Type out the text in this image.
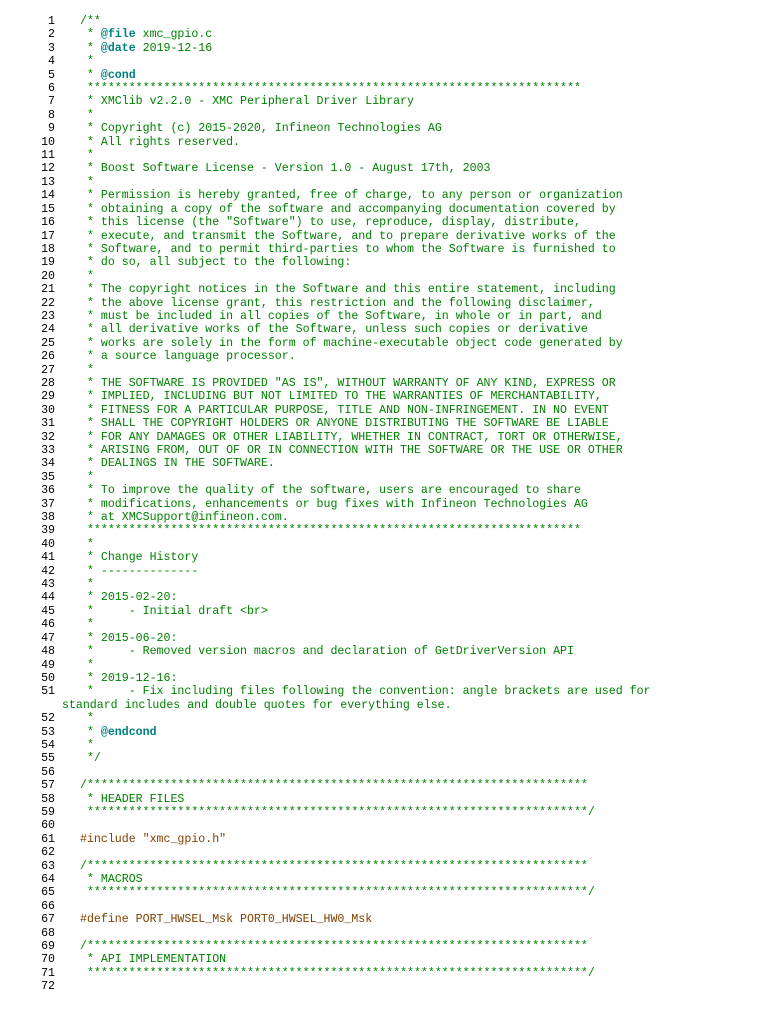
1	/**
2	* @file xmc_gpio.c
3	* @date 2019-12-16
4	*
5	* @cond
6	***********************************************************************
7	* XMClib v2.2.0 - XMC Peripheral Driver Library
8	*
9	* Copyright (c) 2015-2020, Infineon Technologies AG
10	* All rights reserved.
11	*
12	* Boost Software License - Version 1.0 - August 17th, 2003
13	*
14	* Permission is hereby granted, free of charge, to any person or organization
15	* obtaining a copy of the software and accompanying documentation covered by
16	* this license (the "Software") to use, reproduce, display, distribute,
17	* execute, and transmit the Software, and to prepare derivative works of the
18	* Software, and to permit third-parties to whom the Software is furnished to
19	* do so, all subject to the following:
20	*
21	* The copyright notices in the Software and this entire statement, including
22	* the above license grant, this restriction and the following disclaimer,
23	* must be included in all copies of the Software, in whole or in part, and
24	* all derivative works of the Software, unless such copies or derivative
25	* works are solely in the form of machine-executable object code generated by
26	* a source language processor.
27	*
28	* THE SOFTWARE IS PROVIDED "AS IS", WITHOUT WARRANTY OF ANY KIND, EXPRESS OR
29	* IMPLIED, INCLUDING BUT NOT LIMITED TO THE WARRANTIES OF MERCHANTABILITY,
30	* FITNESS FOR A PARTICULAR PURPOSE, TITLE AND NON-INFRINGEMENT. IN NO EVENT
31	* SHALL THE COPYRIGHT HOLDERS OR ANYONE DISTRIBUTING THE SOFTWARE BE LIABLE
32	* FOR ANY DAMAGES OR OTHER LIABILITY, WHETHER IN CONTRACT, TORT OR OTHERWISE,
33	* ARISING FROM, OUT OF OR IN CONNECTION WITH THE SOFTWARE OR THE USE OR OTHER
34	* DEALINGS IN THE SOFTWARE.
35	*
36	* To improve the quality of the software, users are encouraged to share
37	* modifications, enhancements or bug fixes with Infineon Technologies AG
38	* at XMCSupport@infineon.com.
39	***********************************************************************
40	*
41	* Change History
42	* --------------
43	*
44	* 2015-02-20:
45	*     - Initial draft <br>
46	*
47	* 2015-06-20:
48	*     - Removed version macros and declaration of GetDriverVersion API
49	*
50	* 2019-12-16:
51	*     - Fix including files following the convention: angle brackets are used for
standard includes and double quotes for everything else.
52	*
53	* @endcond
54	*
55	*/
56
57	/************************************************************************
58	* HEADER FILES
59	************************************************************************/
60
61	#include "xmc_gpio.h"
62
63	/************************************************************************
64	* MACROS
65	************************************************************************/
66
67	#define PORT_HWSEL_Msk PORT0_HWSEL_HW0_Msk
68
69	/************************************************************************
70	* API IMPLEMENTATION
71	************************************************************************/
72
